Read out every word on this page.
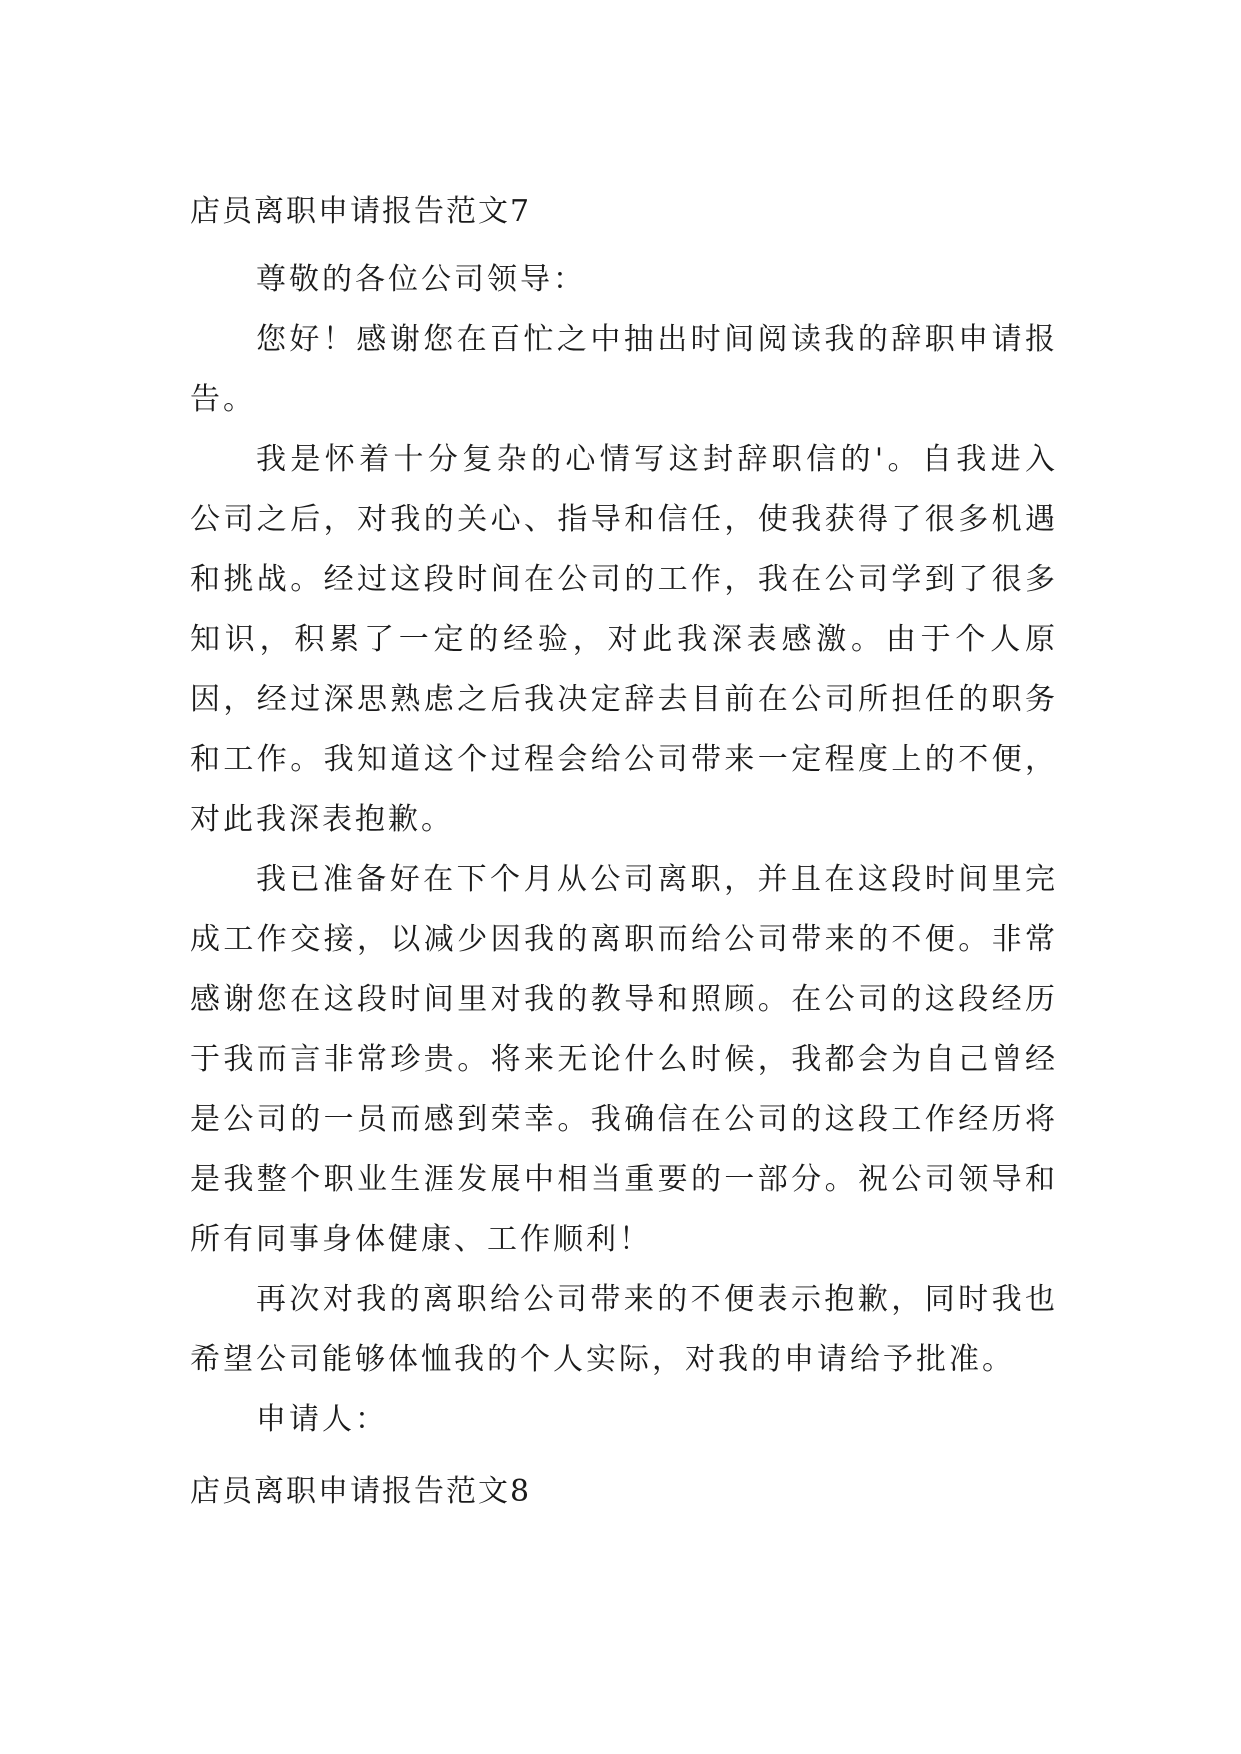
店员离职申请报告范文7

尊敬的各位公司领导：

您好！感谢您在百忙之中抽出时间阅读我的辞职申请报告。

我是怀着十分复杂的心情写这封辞职信的'。自我进入公司之后，对我的关心、指导和信任，使我获得了很多机遇和挑战。经过这段时间在公司的工作，我在公司学到了很多知识，积累了一定的经验，对此我深表感激。由于个人原因，经过深思熟虑之后我决定辞去目前在公司所担任的职务和工作。我知道这个过程会给公司带来一定程度上的不便，对此我深表抱歉。

我已准备好在下个月从公司离职，并且在这段时间里完成工作交接，以减少因我的离职而给公司带来的不便。非常感谢您在这段时间里对我的教导和照顾。在公司的这段经历于我而言非常珍贵。将来无论什么时候，我都会为自己曾经是公司的一员而感到荣幸。我确信在公司的这段工作经历将是我整个职业生涯发展中相当重要的一部分。祝公司领导和所有同事身体健康、工作顺利！

再次对我的离职给公司带来的不便表示抱歉，同时我也希望公司能够体恤我的个人实际，对我的申请给予批准。

申请人：

店员离职申请报告范文8
